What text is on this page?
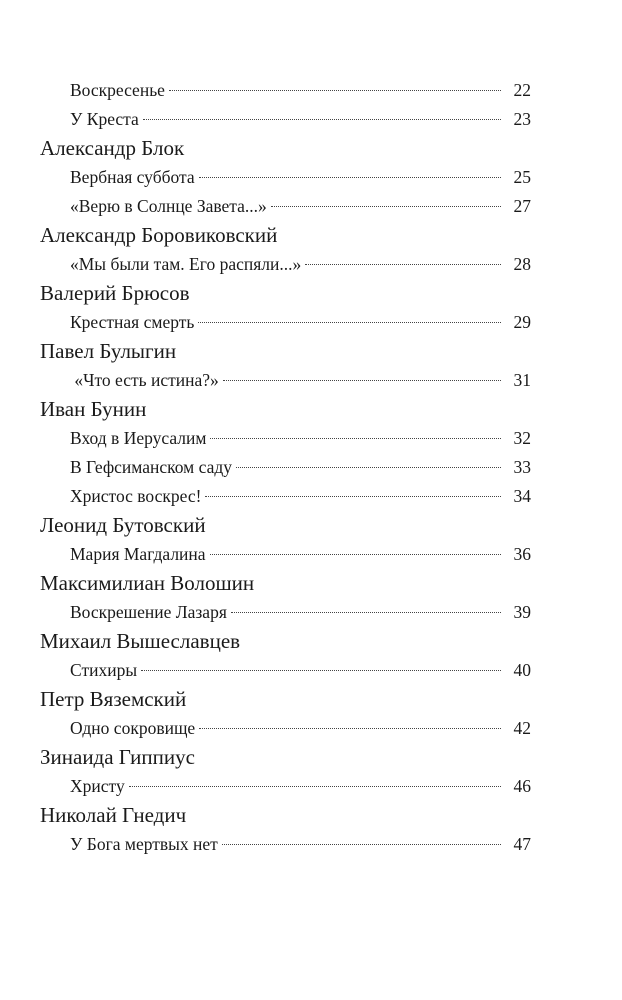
Воскресенье	22
У Креста	23
Александр Блок
Вербная суббота	25
«Верю в Солнце Завета...»	27
Александр Боровиковский
«Мы были там. Его распяли...»	28
Валерий Брюсов
Крестная смерть	29
Павел Булыгин
«Что есть истина?»	31
Иван Бунин
Вход в Иерусалим	32
В Гефсиманском саду	33
Христос воскрес!	34
Леонид Бутовский
Мария Магдалина	36
Максимилиан Волошин
Воскрешение Лазаря	39
Михаил Вышеславцев
Стихиры	40
Петр Вяземский
Одно сокровище	42
Зинаида Гиппиус
Христу	46
Николай Гнедич
У Бога мертвых нет	47
